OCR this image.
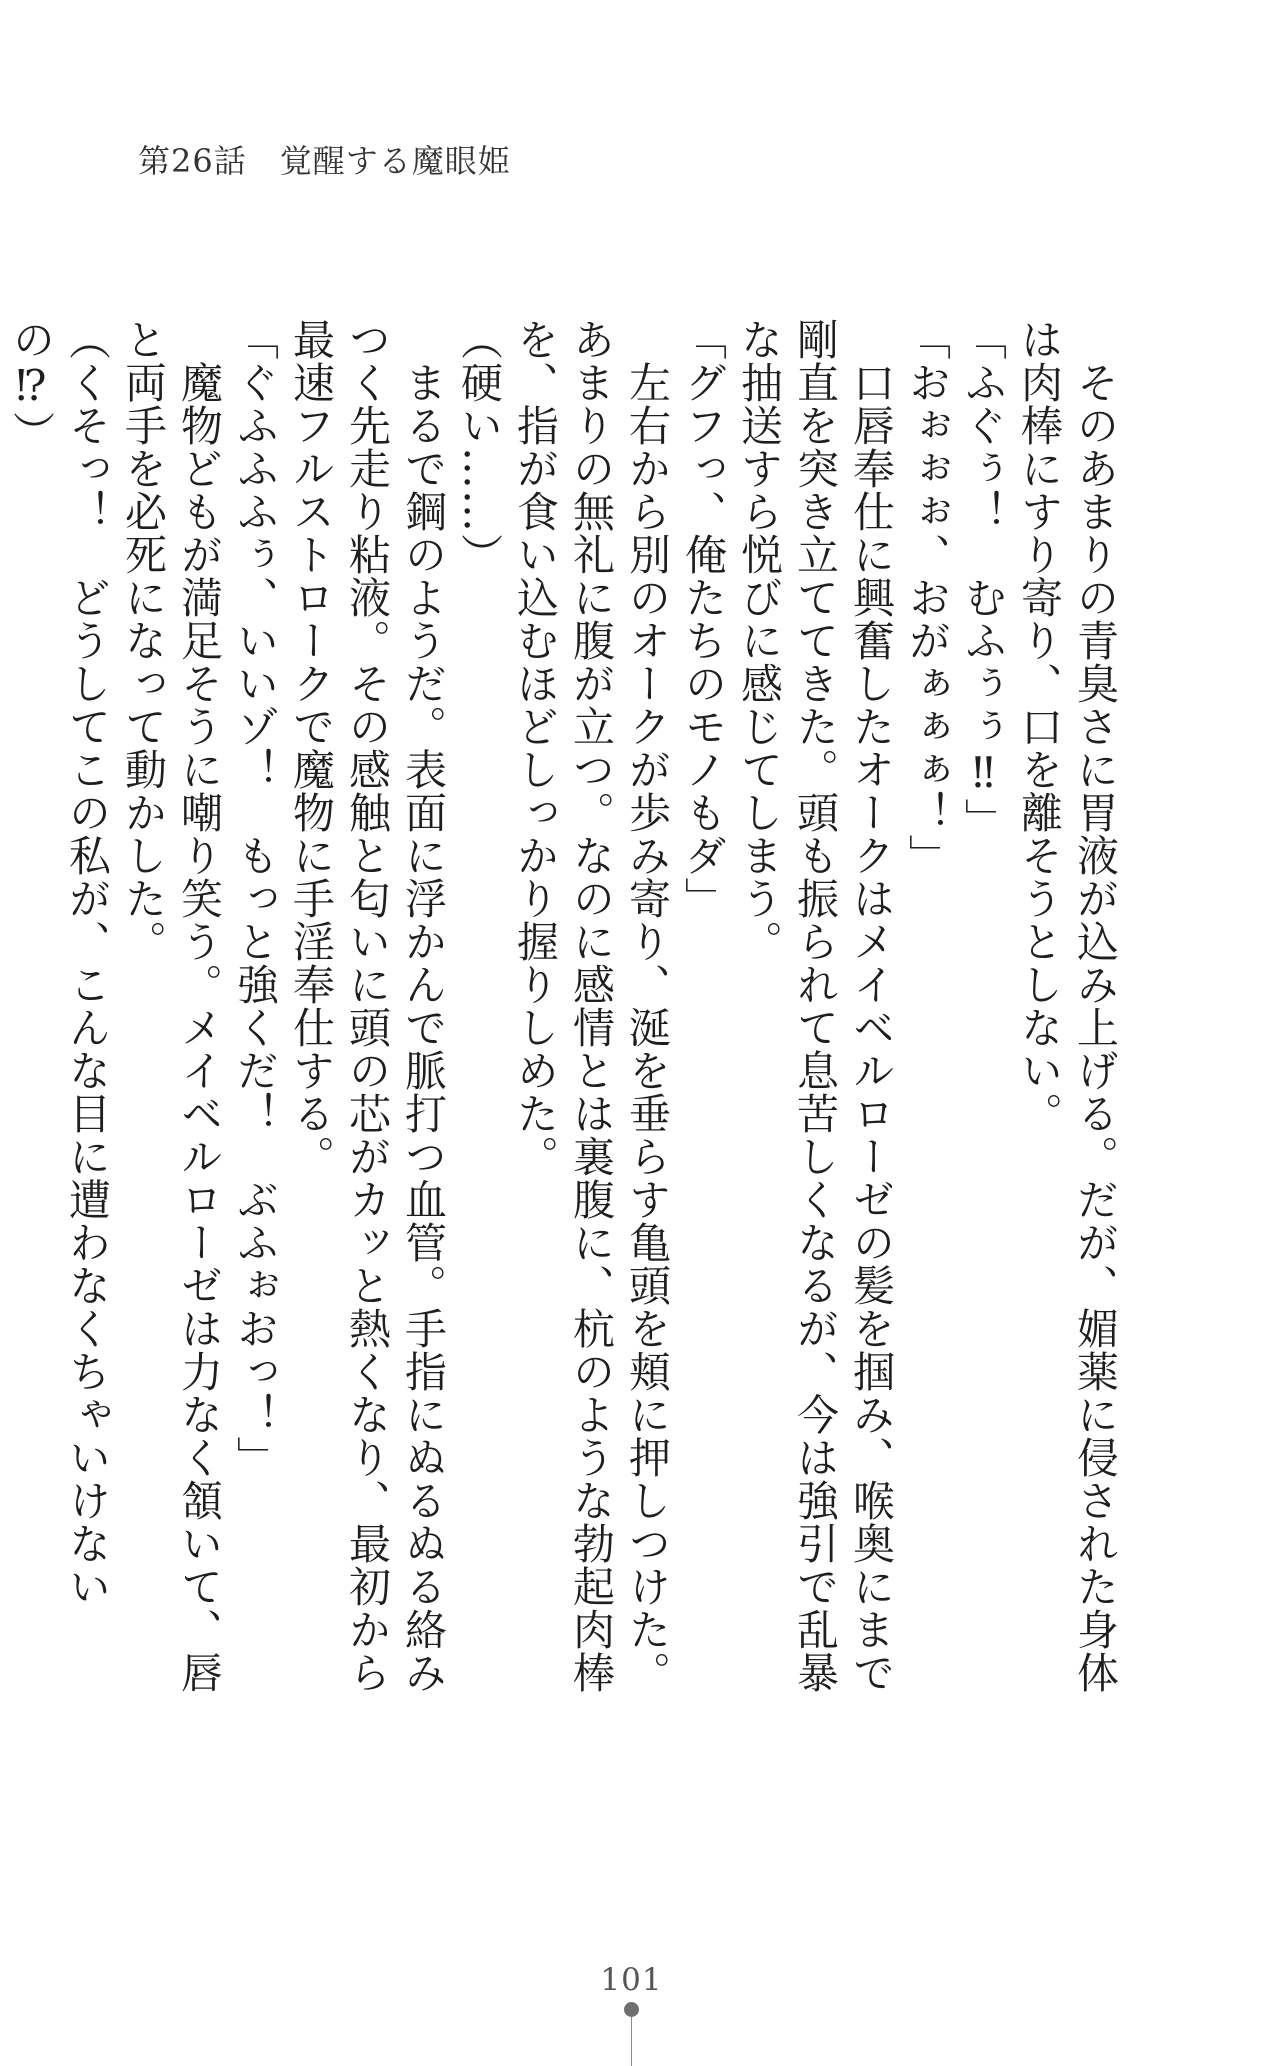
第26話　覚醒する魔眼姫

　そのあまりの青臭さに胃液が込み上げる。だが、媚薬に侵された身体は肉棒にすり寄り、口を離そうとしない。

「ふぐぅ！　むふぅぅ‼」

「おぉぉぉ、おがぁぁぁ！」

　口唇奉仕に興奮したオークはメイベルローゼの髪を掴み、喉奥にまで剛直を突き立ててきた。頭も振られて息苦しくなるが、今は強引で乱暴な抽送すら悦びに感じてしまう。

「グフっ、俺たちのモノもダ」

　左右から別のオークが歩み寄り、涎を垂らす亀頭を頬に押しつけた。あまりの無礼に腹が立つ。なのに感情とは裏腹に、杭のような勃起肉棒を、指が食い込むほどしっかり握りしめた。

（硬い……）

　まるで鋼のようだ。表面に浮かんで脈打つ血管。手指にぬるぬる絡みつく先走り粘液。その感触と匂いに頭の芯がカッと熱くなり、最初から最速フルストロークで魔物に手淫奉仕する。

「ぐふふふぅ、いいゾ！　もっと強くだ！　ぶふぉおっ！」

　魔物どもが満足そうに嘲り笑う。メイベルローゼは力なく頷いて、唇と両手を必死になって動かした。

（くそっ！　どうしてこの私が、こんな目に遭わなくちゃいけないの⁉）

101
